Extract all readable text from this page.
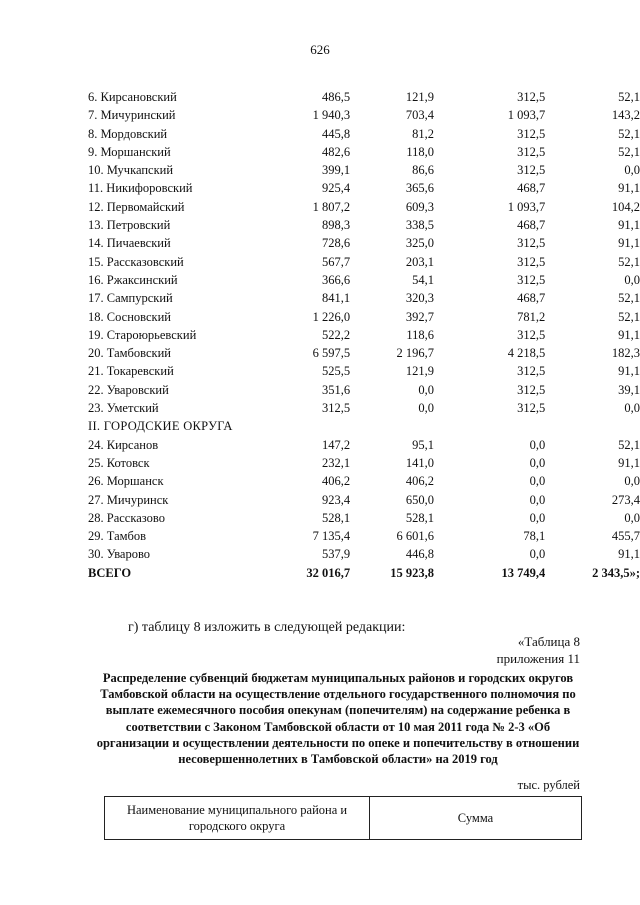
626
6. Кирсановский	486,5	121,9	312,5	52,1
7. Мичуринский	1 940,3	703,4	1 093,7	143,2
8. Мордовский	445,8	81,2	312,5	52,1
9. Моршанский	482,6	118,0	312,5	52,1
10. Мучкапский	399,1	86,6	312,5	0,0
11. Никифоровский	925,4	365,6	468,7	91,1
12. Первомайский	1 807,2	609,3	1 093,7	104,2
13. Петровский	898,3	338,5	468,7	91,1
14. Пичаевский	728,6	325,0	312,5	91,1
15. Рассказовский	567,7	203,1	312,5	52,1
16. Ржаксинский	366,6	54,1	312,5	0,0
17. Сампурский	841,1	320,3	468,7	52,1
18. Сосновский	1 226,0	392,7	781,2	52,1
19. Староюрьевский	522,2	118,6	312,5	91,1
20. Тамбовский	6 597,5	2 196,7	4 218,5	182,3
21. Токаревский	525,5	121,9	312,5	91,1
22. Уваровский	351,6	0,0	312,5	39,1
23. Уметский	312,5	0,0	312,5	0,0
II. ГОРОДСКИЕ ОКРУГА				
24. Кирсанов	147,2	95,1	0,0	52,1
25. Котовск	232,1	141,0	0,0	91,1
26. Моршанск	406,2	406,2	0,0	0,0
27. Мичуринск	923,4	650,0	0,0	273,4
28. Рассказово	528,1	528,1	0,0	0,0
29. Тамбов	7 135,4	6 601,6	78,1	455,7
30. Уварово	537,9	446,8	0,0	91,1
ВСЕГО	32 016,7	15 923,8	13 749,4	2 343,5»;
г) таблицу 8 изложить в следующей редакции:
«Таблица 8
приложения 11
Распределение субвенций бюджетам муниципальных районов и городских округов Тамбовской области на осуществление отдельного государственного полномочия по выплате ежемесячного пособия опекунам (попечителям) на содержание ребенка в соответствии с Законом Тамбовской области от 10 мая 2011 года № 2-3 «Об организации и осуществлении деятельности по опеке и попечительству в отношении несовершеннолетних в Тамбовской области» на 2019 год
тыс. рублей
Наименование муниципального района и городского округа	Сумма
